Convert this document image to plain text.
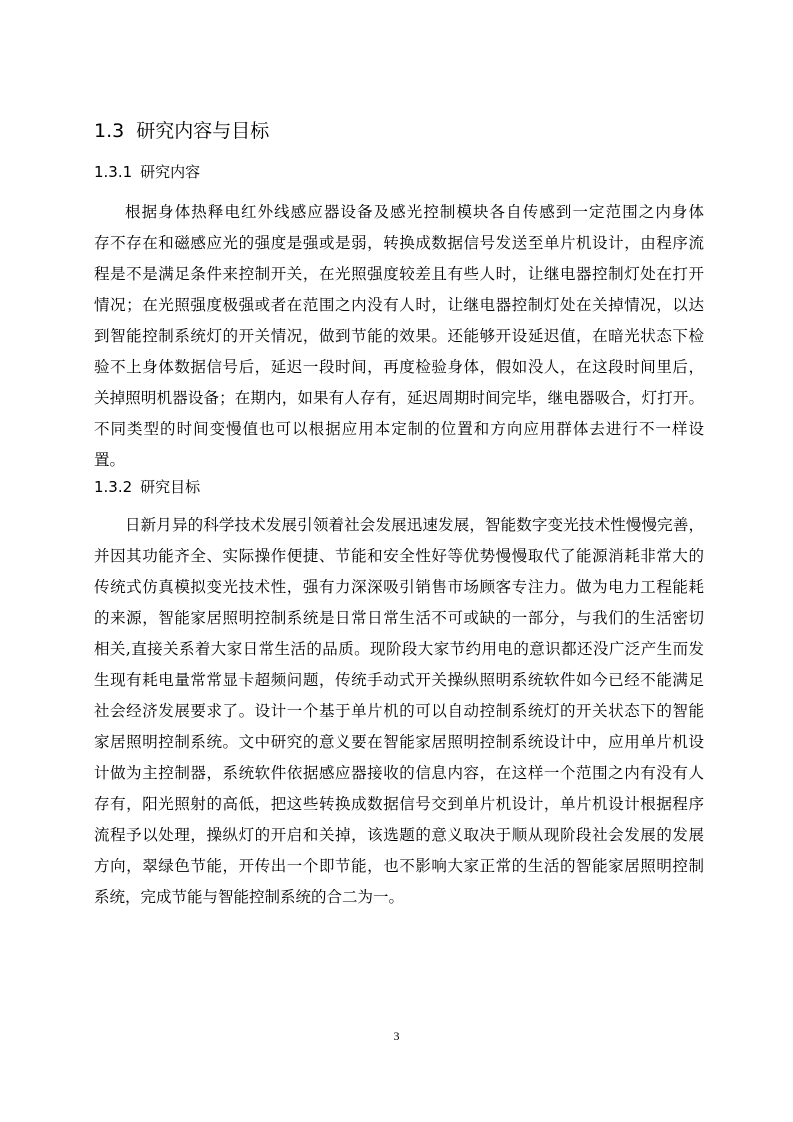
1.3 研究内容与目标
1.3.1 研究内容
根据身体热释电红外线感应器设备及感光控制模块各自传感到一定范围之内身体
存不存在和磁感应光的强度是强或是弱，转换成数据信号发送至单片机设计，由程序流
程是不是满足条件来控制开关，在光照强度较差且有些人时，让继电器控制灯处在打开
情况；在光照强度极强或者在范围之内没有人时，让继电器控制灯处在关掉情况，以达
到智能控制系统灯的开关情况，做到节能的效果。还能够开设延迟值，在暗光状态下检
验不上身体数据信号后，延迟一段时间，再度检验身体，假如没人，在这段时间里后，
关掉照明机器设备；在期内，如果有人存有，延迟周期时间完毕，继电器吸合，灯打开。
不同类型的时间变慢值也可以根据应用本定制的位置和方向应用群体去进行不一样设
置。
1.3.2 研究目标
日新月异的科学技术发展引领着社会发展迅速发展，智能数字变光技术性慢慢完善，
并因其功能齐全、实际操作便捷、节能和安全性好等优势慢慢取代了能源消耗非常大的
传统式仿真模拟变光技术性，强有力深深吸引销售市场顾客专注力。做为电力工程能耗
的来源，智能家居照明控制系统是日常日常生活不可或缺的一部分，与我们的生活密切
相关,直接关系着大家日常生活的品质。现阶段大家节约用电的意识都还没广泛产生而发
生现有耗电量常常显卡超频问题，传统手动式开关操纵照明系统软件如今已经不能满足
社会经济发展要求了。设计一个基于单片机的可以自动控制系统灯的开关状态下的智能
家居照明控制系统。文中研究的意义要在智能家居照明控制系统设计中，应用单片机设
计做为主控制器，系统软件依据感应器接收的信息内容，在这样一个范围之内有没有人
存有，阳光照射的高低，把这些转换成数据信号交到单片机设计，单片机设计根据程序
流程予以处理，操纵灯的开启和关掉，该选题的意义取决于顺从现阶段社会发展的发展
方向，翠绿色节能，开传出一个即节能，也不影响大家正常的生活的智能家居照明控制
系统，完成节能与智能控制系统的合二为一。
3
